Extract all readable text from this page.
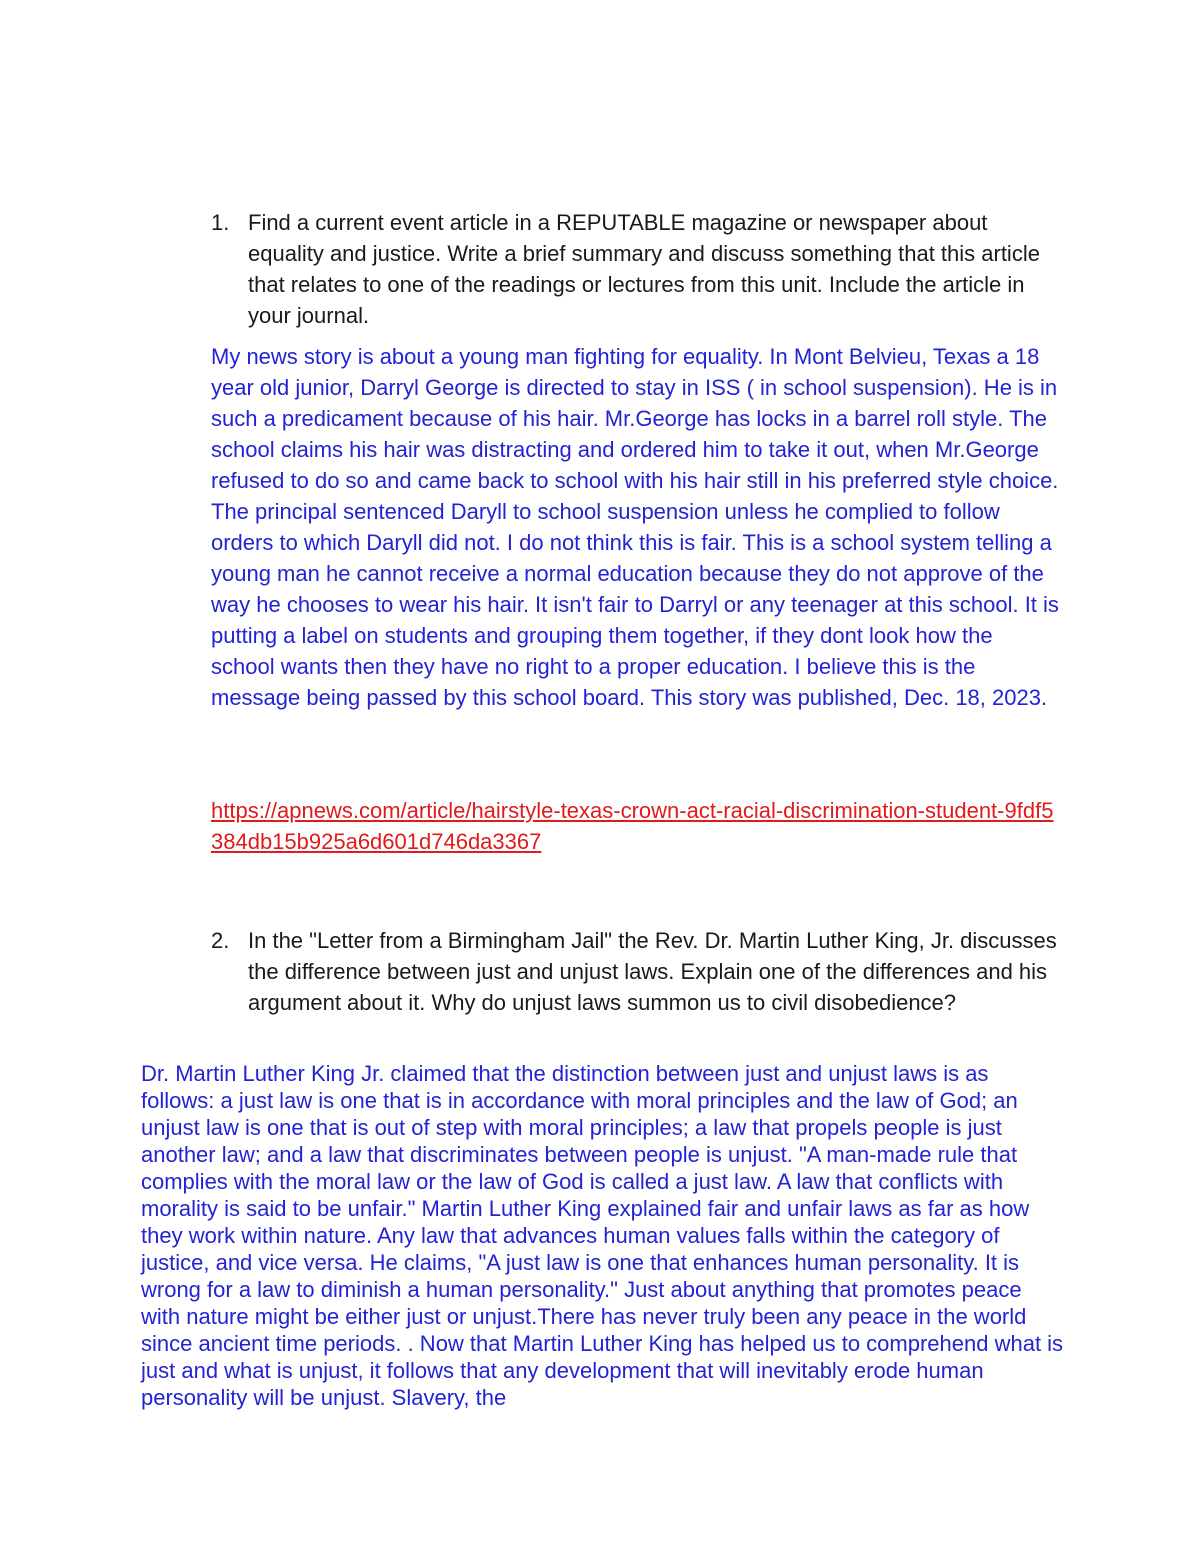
1. Find a current event article in a REPUTABLE magazine or newspaper about equality and justice. Write a brief summary and discuss something that this article that relates to one of the readings or lectures from this unit. Include the article in your journal.
My news story is about a young man fighting for equality. In Mont Belvieu, Texas a 18 year old junior, Darryl George is directed to stay in ISS ( in school suspension). He is in such a predicament because of his hair. Mr.George has locks in a barrel roll style. The school claims his hair was distracting and ordered him to take it out, when Mr.George refused to do so and came back to school with his hair still in his preferred style choice. The principal sentenced Daryll to school suspension unless he complied to follow orders to which Daryll did not. I do not think this is fair. This is a school system telling a young man he cannot receive a normal education because they do not approve of the way he chooses to wear his hair. It isn't fair to Darryl or any teenager at this school. It is putting a label on students and grouping them together, if they dont look how the school wants then they have no right to a proper education. I believe this is the message being passed by this school board. This story was published, Dec. 18, 2023.
https://apnews.com/article/hairstyle-texas-crown-act-racial-discrimination-student-9fdf5384db15b925a6d601d746da3367
2. In the "Letter from a Birmingham Jail" the Rev. Dr. Martin Luther King, Jr. discusses the difference between just and unjust laws. Explain one of the differences and his argument about it. Why do unjust laws summon us to civil disobedience?
Dr. Martin Luther King Jr. claimed that the distinction between just and unjust laws is as follows: a just law is one that is in accordance with moral principles and the law of God; an unjust law is one that is out of step with moral principles; a law that propels people is just another law; and a law that discriminates between people is unjust. "A man-made rule that complies with the moral law or the law of God is called a just law. A law that conflicts with morality is said to be unfair." Martin Luther King explained fair and unfair laws as far as how they work within nature. Any law that advances human values falls within the category of justice, and vice versa. He claims, "A just law is one that enhances human personality. It is wrong for a law to diminish a human personality." Just about anything that promotes peace with nature might be either just or unjust.There has never truly been any peace in the world since ancient time periods. . Now that Martin Luther King has helped us to comprehend what is just and what is unjust, it follows that any development that will inevitably erode human personality will be unjust. Slavery, the
